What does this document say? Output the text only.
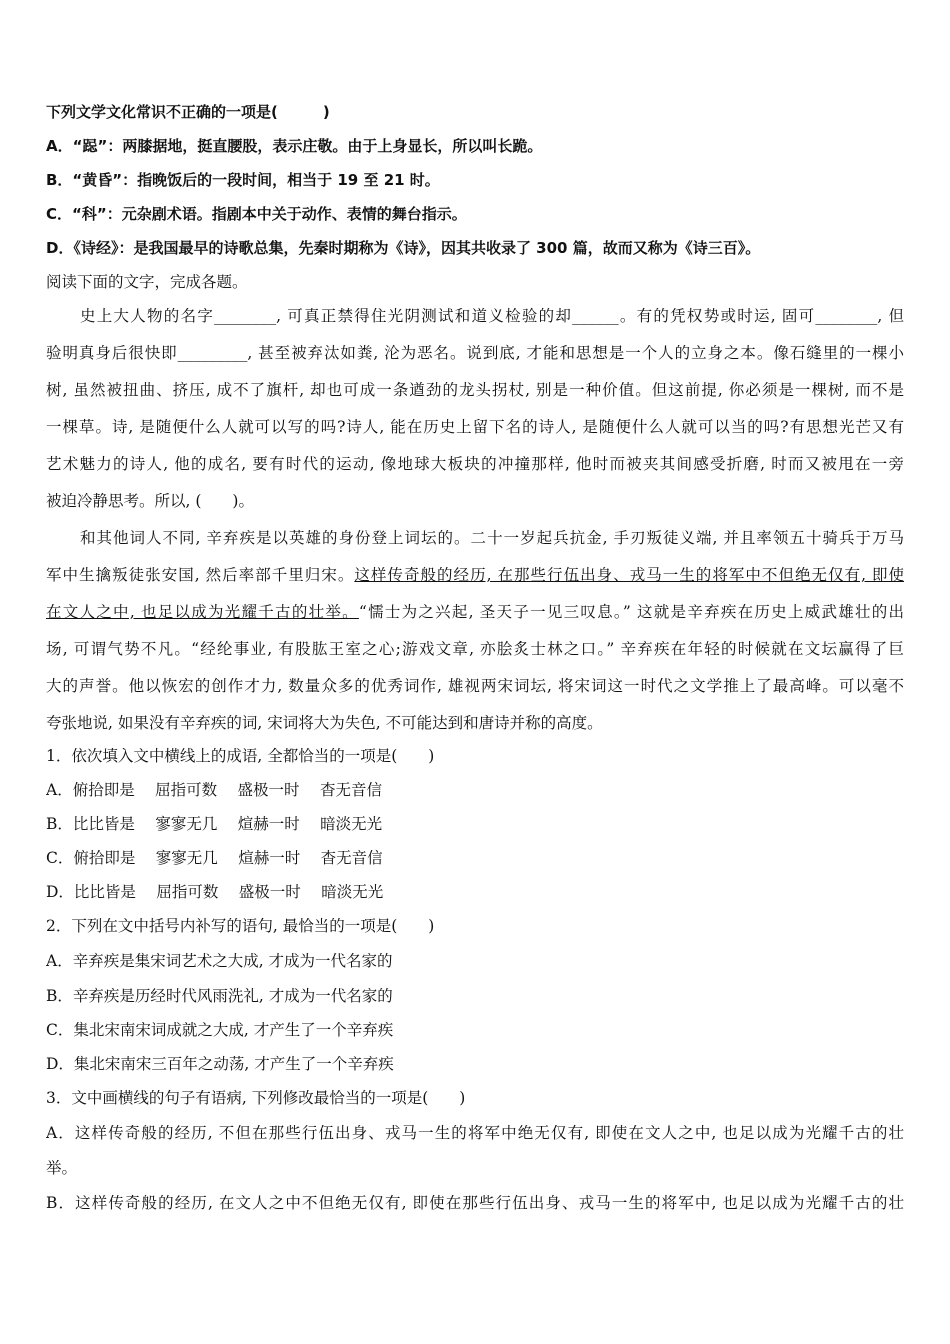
下列文学文化常识不正确的一项是(　　　)
A．“跽”：两膝据地，挺直腰股，表示庄敬。由于上身显长，所以叫长跪。
B．“黄昏”：指晚饭后的一段时间，相当于 19 至 21 时。
C．“科”：元杂剧术语。指剧本中关于动作、表情的舞台指示。
D．《诗经》：是我国最早的诗歌总集，先秦时期称为《诗》，因其共收录了 300 篇，故而又称为《诗三百》。
阅读下面的文字，完成各题。
史上大人物的名字________, 可真正禁得住光阴测试和道义检验的却______。有的凭权势或时运, 固可________, 但
验明真身后很快即_________, 甚至被弃汰如粪, 沦为恶名。说到底, 才能和思想是一个人的立身之本。像石缝里的一棵小
树, 虽然被扭曲、挤压, 成不了旗杆, 却也可成一条遒劲的龙头拐杖, 别是一种价值。但这前提, 你必须是一棵树, 而不是
一棵草。诗, 是随便什么人就可以写的吗?诗人, 能在历史上留下名的诗人, 是随便什么人就可以当的吗?有思想光芒又有
艺术魅力的诗人, 他的成名, 要有时代的运动, 像地球大板块的冲撞那样, 他时而被夹其间感受折磨, 时而又被甩在一旁
被迫冷静思考。所以, (　　)。
和其他词人不同, 辛弃疾是以英雄的身份登上词坛的。二十一岁起兵抗金, 手刃叛徒义端, 并且率领五十骑兵于万马
军中生擒叛徒张安国, 然后率部千里归宋。这样传奇般的经历, 在那些行伍出身、戎马一生的将军中不但绝无仅有, 即使
在文人之中, 也足以成为光耀千古的壮举。“懦士为之兴起, 圣天子一见三叹息。” 这就是辛弃疾在历史上威武雄壮的出
场, 可谓气势不凡。“经纶事业, 有股肱王室之心;游戏文章, 亦脍炙士林之口。” 辛弃疾在年轻的时候就在文坛赢得了巨
大的声誉。他以恢宏的创作才力, 数量众多的优秀词作, 雄视两宋词坛, 将宋词这一时代之文学推上了最高峰。可以毫不
夸张地说, 如果没有辛弃疾的词, 宋词将大为失色, 不可能达到和唐诗并称的高度。
1．依次填入文中横线上的成语, 全都恰当的一项是(　　)
A．俯拾即是　 屈指可数　 盛极一时　 杳无音信
B．比比皆是　 寥寥无几　 煊赫一时　 暗淡无光
C．俯拾即是　 寥寥无几　 煊赫一时　 杳无音信
D．比比皆是　 屈指可数　 盛极一时　 暗淡无光
2．下列在文中括号内补写的语句, 最恰当的一项是(　　)
A．辛弃疾是集宋词艺术之大成, 才成为一代名家的
B．辛弃疾是历经时代风雨洗礼, 才成为一代名家的
C．集北宋南宋词成就之大成, 才产生了一个辛弃疾
D．集北宋南宋三百年之动荡, 才产生了一个辛弃疾
3．文中画横线的句子有语病, 下列修改最恰当的一项是(　　)
A．这样传奇般的经历, 不但在那些行伍出身、戎马一生的将军中绝无仅有, 即使在文人之中, 也足以成为光耀千古的壮
举。
B．这样传奇般的经历, 在文人之中不但绝无仅有, 即使在那些行伍出身、戎马一生的将军中, 也足以成为光耀千古的壮
